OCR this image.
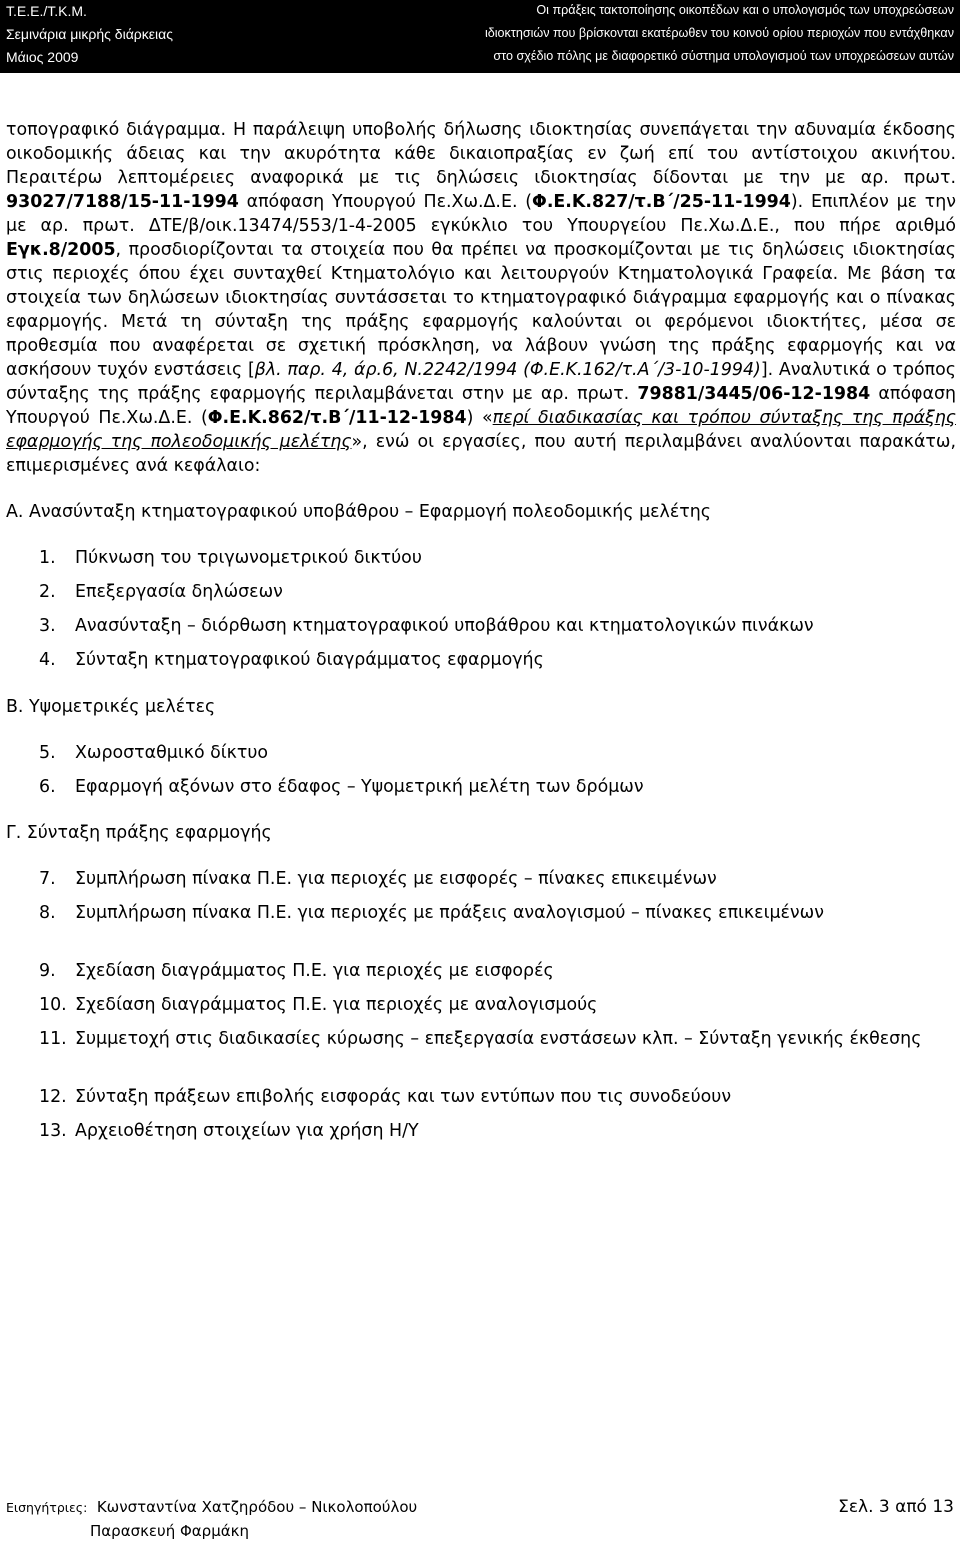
Τ.Ε.Ε./Τ.Κ.Μ.
Σεμινάρια μικρής διάρκειας
Μάιος 2009
Οι πράξεις τακτοποίησης οικοπέδων και ο υπολογισμός των υποχρεώσεων
ιδιοκτησιών που βρίσκονται εκατέρωθεν του κοινού ορίου περιοχών που εντάχθηκαν
στο σχέδιο πόλης με διαφορετικό σύστημα υπολογισμού των υποχρεώσεων αυτών

τοπογραφικό διάγραμμα. Η παράλειψη υποβολής δήλωσης ιδιοκτησίας συνεπάγεται την αδυναμία έκδοσης οικοδομικής άδειας και την ακυρότητα κάθε δικαιοπραξίας εν ζωή επί του αντίστοιχου ακινήτου. Περαιτέρω λεπτομέρειες αναφορικά με τις δηλώσεις ιδιοκτησίας δίδονται με την με αρ. πρωτ. 93027/7188/15-11-1994 απόφαση Υπουργού Πε.Χω.Δ.Ε. (Φ.Ε.Κ.827/τ.Β΄/25-11-1994). Επιπλέον με την με αρ. πρωτ. ΔΤΕ/β/οικ.13474/553/1-4-2005 εγκύκλιο του Υπουργείου Πε.Χω.Δ.Ε., που πήρε αριθμό Εγκ.8/2005, προσδιορίζονται τα στοιχεία που θα πρέπει να προσκομίζονται με τις δηλώσεις ιδιοκτησίας στις περιοχές όπου έχει συνταχθεί Κτηματολόγιο και λειτουργούν Κτηματολογικά Γραφεία. Με βάση τα στοιχεία των δηλώσεων ιδιοκτησίας συντάσσεται το κτηματογραφικό διάγραμμα εφαρμογής και ο πίνακας εφαρμογής. Μετά τη σύνταξη της πράξης εφαρμογής καλούνται οι φερόμενοι ιδιοκτήτες, μέσα σε προθεσμία που αναφέρεται σε σχετική πρόσκληση, να λάβουν γνώση της πράξης εφαρμογής και να ασκήσουν τυχόν ενστάσεις [βλ. παρ. 4, άρ.6, Ν.2242/1994 (Φ.Ε.Κ.162/τ.Α΄/3-10-1994)]. Αναλυτικά ο τρόπος σύνταξης της πράξης εφαρμογής περιλαμβάνεται στην με αρ. πρωτ. 79881/3445/06-12-1984 απόφαση Υπουργού Πε.Χω.Δ.Ε. (Φ.Ε.Κ.862/τ.Β΄/11-12-1984) «περί διαδικασίας και τρόπου σύνταξης της πράξης εφαρμογής της πολεοδομικής μελέτης», ενώ οι εργασίες, που αυτή περιλαμβάνει αναλύονται παρακάτω, επιμερισμένες ανά κεφάλαιο:

Α. Ανασύνταξη κτηματογραφικού υποβάθρου – Εφαρμογή πολεοδομικής μελέτης

1. Πύκνωση του τριγωνομετρικού δικτύου
2. Επεξεργασία δηλώσεων
3. Ανασύνταξη – διόρθωση κτηματογραφικού υποβάθρου και κτηματολογικών πινάκων
4. Σύνταξη κτηματογραφικού διαγράμματος εφαρμογής

Β. Υψομετρικές μελέτες

5. Χωροσταθμικό δίκτυο
6. Εφαρμογή αξόνων στο έδαφος – Υψομετρική μελέτη των δρόμων

Γ. Σύνταξη πράξης εφαρμογής

7. Συμπλήρωση πίνακα Π.Ε. για περιοχές με εισφορές – πίνακες επικειμένων
8. Συμπλήρωση πίνακα Π.Ε. για περιοχές με πράξεις αναλογισμού – πίνακες επικειμένων
9. Σχεδίαση διαγράμματος Π.Ε. για περιοχές με εισφορές
10. Σχεδίαση διαγράμματος Π.Ε. για περιοχές με αναλογισμούς
11. Συμμετοχή στις διαδικασίες κύρωσης – επεξεργασία ενστάσεων κλπ. – Σύνταξη γενικής έκθεσης
12. Σύνταξη πράξεων επιβολής εισφοράς και των εντύπων που τις συνοδεύουν
13. Αρχειοθέτηση στοιχείων για χρήση Η/Υ
Εισηγήτριες: Κωνσταντίνα Χατζηρόδου – Νικολοπούλου
Παρασκευή Φαρμάκη
Σελ. 3 από 13
